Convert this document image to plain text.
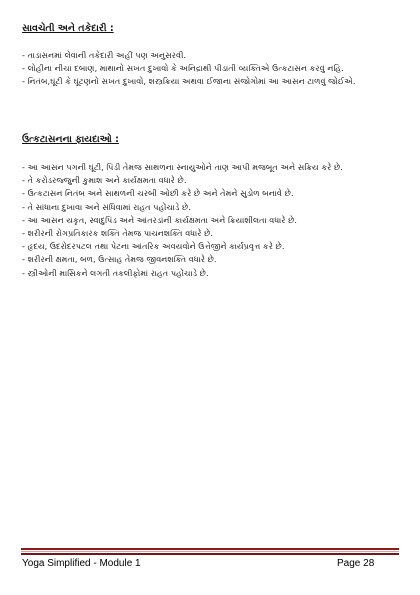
સાવચેતી અને તકેદારી :
- તાડાસનમાં લેવાની તકેદારી અહીં પણ અનુસરવી.
- લોહીના નીચા દબાણ, માથાનો સખત દુખાવો કે અનિદ્રાથી પીડાતી વ્યક્તિએ ઉત્કટાસન કરવું નહિ.
- નિતંબ,ઘૂંટી કે ઘૂંટણનો સખત દુખાવો, શસ્ત્રક્રિયા અથવા ઈજાના સંજોગોમાં આ આસન ટાળવું જોઈએ.
ઉત્કટાસનના ફાયદાઓ :
- આ આસન પગની ઘૂંટી, પિંડી તેમજ સાથળના સ્નાયુઓને તાણ આપી મજબૂત અને સક્રિય કરે છે.
- તે કરોડરજ્જુની કુમાશ અને કાર્યક્ષમતા વધારે છે.
- ઉત્કટાસન નિતંબ અને સાથળની ચરબી ઓછી કરે છે અને તેમને સુડોળ બનાવે છે.
- તે સાંધાના દુખાવા અને સંધિવામાં રાહત પહોંચાડે છે.
- આ આસન યકૃત, સ્વાદુપિંડ અને આંતરડાંની કાર્યક્ષમતા અને ક્રિયાશીલતા વધારે છે.
- શરીરની રોગપ્રતિકારક શક્તિ તેમજ પાચનશક્તિ વધારે છે.
- હૃદય, ઉદરોદરપટલ તથા પેટના આંતરિક અવયવોને ઉત્તેજીને કાર્યપ્રવૃત્ત કરે છે.
- શરીરની ક્ષમતા, બળ, ઉત્સાહ તેમજ જીવનશક્તિ વધારે છે.
- સ્ત્રીઓની માસિકને લગતી તકલીફોમાં રાહત પહોંચાડે છે.
Yoga Simplified - Module 1	Page 28
